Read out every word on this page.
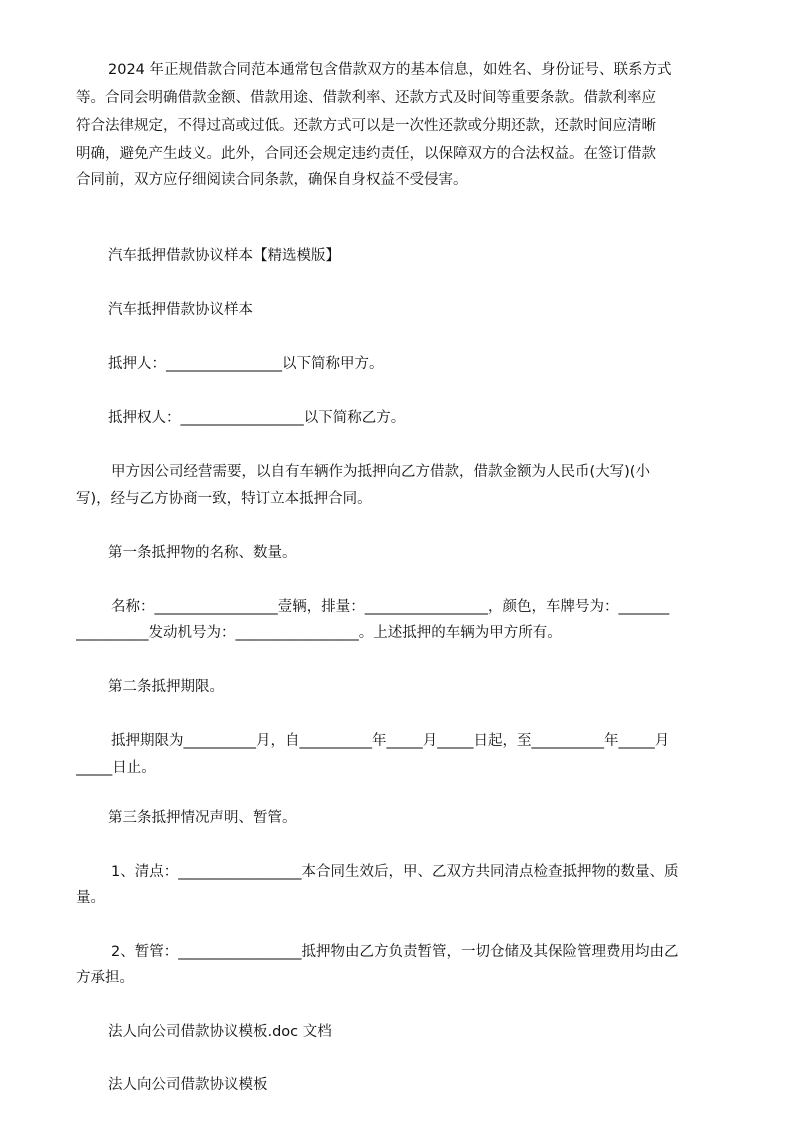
2024 年正规借款合同范本通常包含借款双方的基本信息，如姓名、身份证号、联系方式
等。合同会明确借款金额、借款用途、借款利率、还款方式及时间等重要条款。借款利率应
符合法律规定，不得过高或过低。还款方式可以是一次性还款或分期还款，还款时间应清晰
明确，避免产生歧义。此外，合同还会规定违约责任，以保障双方的合法权益。在签订借款
合同前，双方应仔细阅读合同条款，确保自身权益不受侵害。
汽车抵押借款协议样本【精选模版】
汽车抵押借款协议样本
抵押人：________________以下简称甲方。
抵押权人：_________________以下简称乙方。
甲方因公司经营需要，以自有车辆作为抵押向乙方借款，借款金额为人民币(大写)(小
写)，经与乙方协商一致，特订立本抵押合同。
第一条抵押物的名称、数量。
名称：_________________壹辆，排量：_________________，颜色，车牌号为：_______
__________发动机号为：_________________。上述抵押的车辆为甲方所有。
第二条抵押期限。
抵押期限为__________月，自__________年_____月_____日起，至__________年_____月
_____日止。
第三条抵押情况声明、暂管。
1、清点：_________________本合同生效后，甲、乙双方共同清点检查抵押物的数量、质
量。
2、暂管：_________________抵押物由乙方负责暂管，一切仓储及其保险管理费用均由乙
方承担。
法人向公司借款协议模板.doc 文档
法人向公司借款协议模板
